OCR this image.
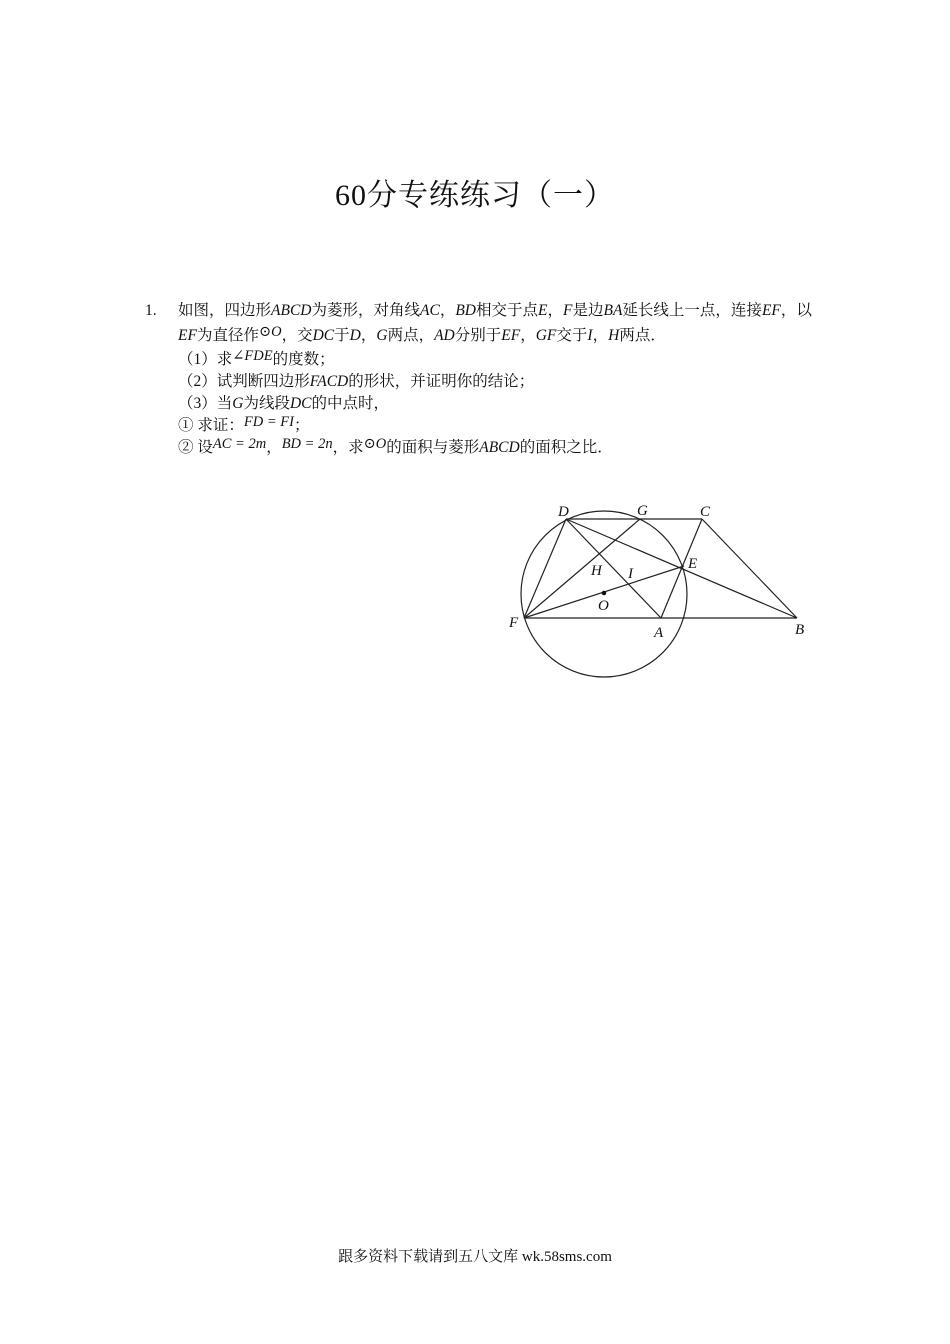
60分专练练习（一）
1. 如图，四边形ABCD为菱形，对角线AC，BD相交于点E，F是边BA延长线上一点，连接EF，以EF为直径作⊙O，交DC于D，G两点，AD分别于EF，GF交于I，H两点．
（1）求∠FDE的度数；
（2）试判断四边形FACD的形状，并证明你的结论；
（3）当G为线段DC的中点时，
① 求证：FD = FI；
② 设AC = 2m，BD = 2n，求⊙O的面积与菱形ABCD的面积之比．
D	G	C
H I
E
O
F
A	B
跟多资料下载请到五八文库 wk.58sms.com
